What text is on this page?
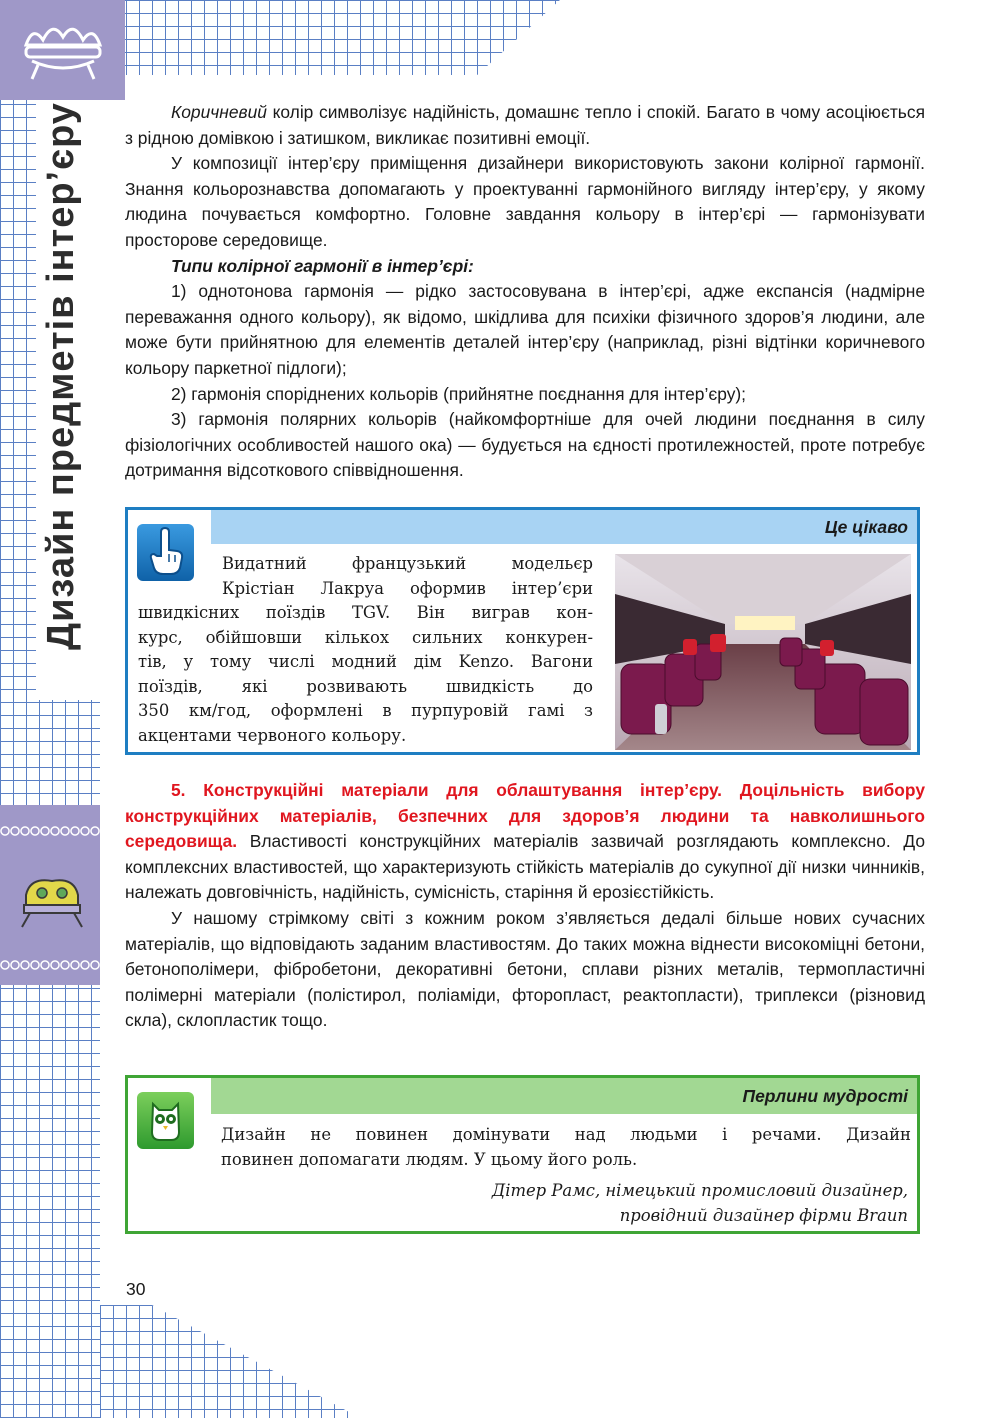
Дизайн предметів інтер’єру	Коричневий колір символізує надійність, домашнє тепло і спокій. Багато в чому асоціюється з рідною домівкою і затишком, викликає позитивні емоції.

У композиції інтер’єру приміщення дизайнери використовують закони колірної гармонії. Знання кольорознавства допомагають у проектуванні гармонійного вигляду інтер’єру, у якому людина почувається комфортно. Головне завдання кольору в інтер’єрі — гармонізувати просторове середовище.

Типи колірної гармонії в інтер’єрі:

1) однотонова гармонія — рідко застосовувана в інтер’єрі, адже експансія (надмірне переважання одного кольору), як відомо, шкідлива для психіки фізичного здоров’я людини, але може бути прийнятною для елементів деталей інтер’єру (наприклад, різні відтінки коричневого кольору паркетної підлоги);

2) гармонія споріднених кольорів (прийнятне поєднання для інтер’єру);

3) гармонія полярних кольорів (найкомфортніше для очей людини поєднання в силу фізіологічних особливостей нашого ока) — будується на єдності протилежностей, проте потребує дотримання відсоткового співвідношення.

Це цікаво
Видатний французький модельєр
Крістіан Лакруа оформив інтер’єри
швидкісних поїздів TGV. Він виграв кон-
курс, обійшовши кількох сильних конкурен-
тів, у тому числі модний дім Kenzo. Вагони
поїздів, які розвивають швидкість до
350 км/год, оформлені в пурпуровій гамі з
акцентами червоного кольору.

5. Конструкційні матеріали для облаштування інтер’єру. Доцільність вибору конструкційних матеріалів, безпечних для здоров’я людини та навколишнього середовища. Властивості конструкційних матеріалів зазвичай розглядають комплексно. До комплексних властивостей, що характеризують стійкість матеріалів до сукупної дії низки чинників, належать довговічність, надійність, сумісність, старіння й ерозієстійкість.

У нашому стрімкому світі з кожним роком з’являється дедалі більше нових сучасних матеріалів, що відповідають заданим властивостям. До таких можна віднести високоміцні бетони, бетонополімери, фібробетони, декоративні бетони, сплави різних металів, термопластичні полімерні матеріали (полістирол, поліаміди, фторопласт, реактопласти), триплекси (різновид скла), склопластик тощо.

Перлини мудрості
Дизайн не повинен домінувати над людьми і речами. Дизайн
повинен допомагати людям. У цьому його роль.
Дітер Рамс, німецький промисловий дизайнер,
провідний дизайнер фірми Braun
30
